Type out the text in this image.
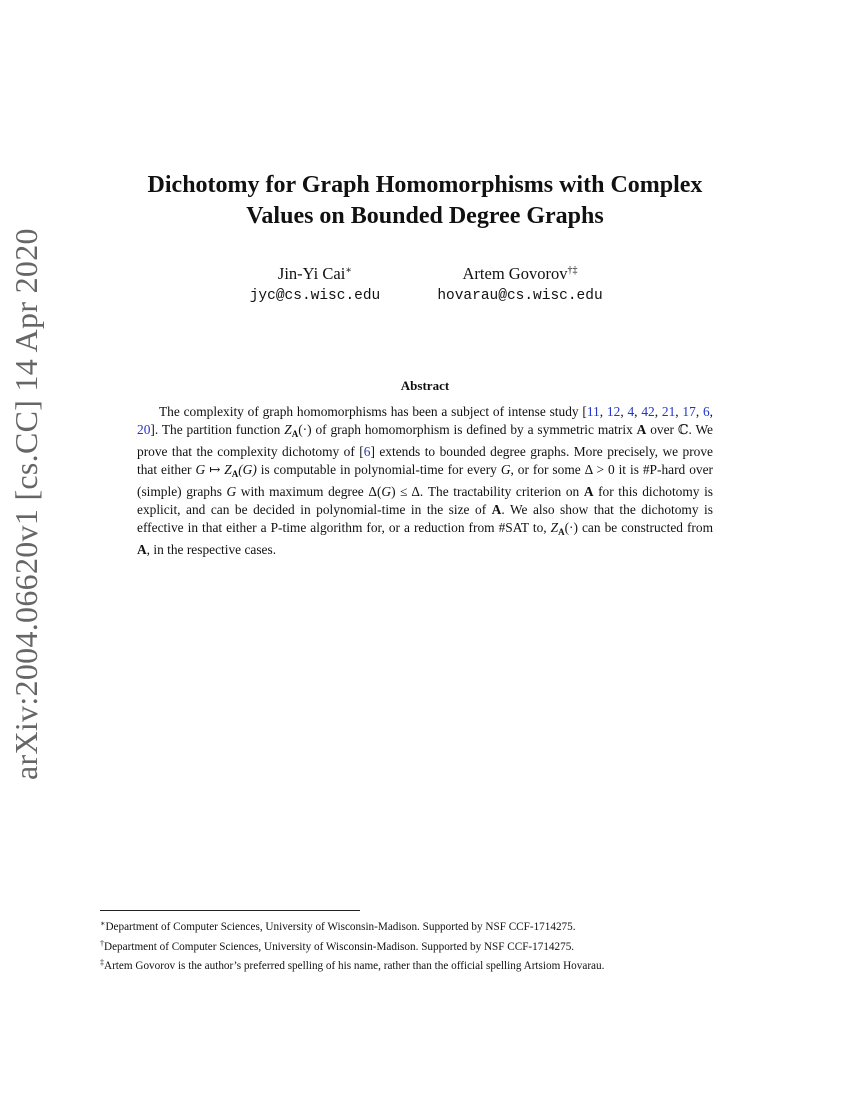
arXiv:2004.06620v1 [cs.CC] 14 Apr 2020
Dichotomy for Graph Homomorphisms with Complex
Values on Bounded Degree Graphs
Jin-Yi Cai∗
jyc@cs.wisc.edu
Artem Govorov†‡
hovarau@cs.wisc.edu
Abstract

The complexity of graph homomorphisms has been a subject of intense study [11, 12, 4, 42, 21, 17, 6, 20]. The partition function $Z_A(\cdot)$ of graph homomorphism is defined by a symmetric matrix A over ℂ. We prove that the complexity dichotomy of [6] extends to bounded degree graphs. More precisely, we prove that either G ↦ $Z_A(G)$ is computable in polynomial-time for every G, or for some Δ > 0 it is #P-hard over (simple) graphs G with maximum degree Δ(G) ≤ Δ. The tractability criterion on A for this dichotomy is explicit, and can be decided in polynomial-time in the size of A. We also show that the dichotomy is effective in that either a P-time algorithm for, or a reduction from #SAT to, $Z_A(\cdot)$ can be constructed from A, in the respective cases.

∗Department of Computer Sciences, University of Wisconsin-Madison. Supported by NSF CCF-1714275.
†Department of Computer Sciences, University of Wisconsin-Madison. Supported by NSF CCF-1714275.
‡Artem Govorov is the author’s preferred spelling of his name, rather than the official spelling Artsiom Hovarau.
